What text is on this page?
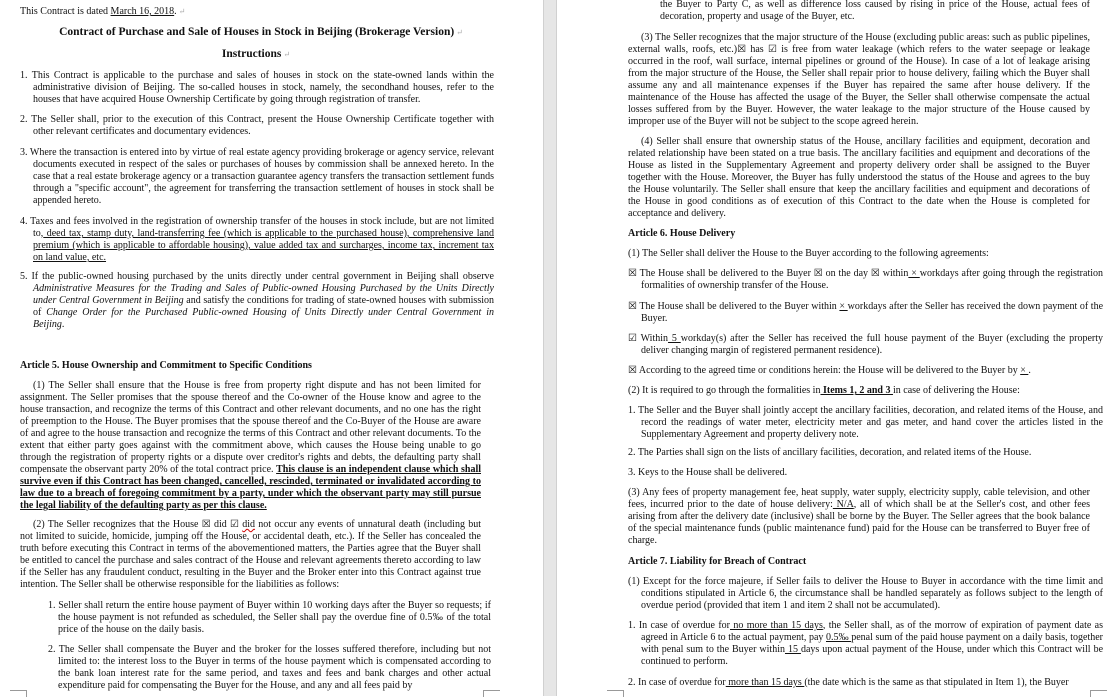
This Contract is dated March 16, 2018. ↵
Contract of Purchase and Sale of Houses in Stock in Beijing (Brokerage Version) ↵
Instructions ↵
1. This Contract is applicable to the purchase and sales of houses in stock on the state-owned lands within the administrative division of Beijing. The so-called houses in stock, namely, the secondhand houses, refer to the houses that have acquired House Ownership Certificate by going through registration of transfer.
2. The Seller shall, prior to the execution of this Contract, present the House Ownership Certificate together with other relevant certificates and documentary evidences.
3. Where the transaction is entered into by virtue of real estate agency providing brokerage or agency service, relevant documents executed in respect of the sales or purchases of houses by commission shall be annexed hereto. In the case that a real estate brokerage agency or a transaction guarantee agency transfers the transaction settlement funds through a "specific account", the agreement for transferring the transaction settlement of houses in stock shall be appended hereto.
4. Taxes and fees involved in the registration of ownership transfer of the houses in stock include, but are not limited to, deed tax, stamp duty, land-transferring fee (which is applicable to the purchased house), comprehensive land premium (which is applicable to affordable housing), value added tax and surcharges, income tax, increment tax on land value, etc.
5. If the public-owned housing purchased by the units directly under central government in Beijing shall observe Administrative Measures for the Trading and Sales of Public-owned Housing Purchased by the Units Directly under Central Government in Beijing and satisfy the conditions for trading of state-owned houses with submission of Change Order for the Purchased Public-owned Housing of Units Directly under Central Government in Beijing.
Article 5. House Ownership and Commitment to Specific Conditions
(1) The Seller shall ensure that the House is free from property right dispute and has not been limited for assignment. The Seller promises that the spouse thereof and the Co-owner of the House know and agree to the house transaction, and recognize the terms of this Contract and other relevant documents, and no one has the right of preemption to the House. The Buyer promises that the spouse thereof and the Co-Buyer of the House are aware of and agree to the house transaction and recognize the terms of this Contract and other relevant documents. To the extent that either party goes against with the commitment above, which causes the House being unable to go through the registration of property rights or a dispute over creditor's rights and debts, the defaulting party shall compensate the observant party 20% of the total contract price. This clause is an independent clause which shall survive even if this Contract has been changed, cancelled, rescinded, terminated or invalidated according to law due to a breach of foregoing commitment by a party, under which the observant party may still pursue the legal liability of the defaulting party as per this clause.
(2) The Seller recognizes that the House ☒ did ☑ did not occur any events of unnatural death (including but not limited to suicide, homicide, jumping off the House, or accidental death, etc.). If the Seller has concealed the truth before executing this Contract in terms of the abovementioned matters, the Parties agree that the Buyer shall be entitled to cancel the purchase and sales contract of the House and relevant agreements thereto according to law if the Seller has any fraudulent conduct, resulting in the Buyer and the Broker enter into this Contract against true intention. The Seller shall be otherwise responsible for the liabilities as follows:
1. Seller shall return the entire house payment of Buyer within 10 working days after the Buyer so requests; if the house payment is not refunded as scheduled, the Seller shall pay the overdue fine of 0.5‰ of the total price of the house on the daily basis.
2. The Seller shall compensate the Buyer and the broker for the losses suffered therefore, including but not limited to: the interest loss to the Buyer in terms of the house payment which is compensated according to the bank loan interest rate for the same period, and taxes and fees and bank charges and other actual expenditure paid for compensating the Buyer for the House, and any and all fees paid by
the Buyer to Party C, as well as difference loss caused by rising in price of the House, actual fees of decoration, property and usage of the Buyer, etc.
(3) The Seller recognizes that the major structure of the House (excluding public areas: such as public pipelines, external walls, roofs, etc.)☒ has ☑ is free from water leakage (which refers to the water seepage or leakage occurred in the roof, wall surface, internal pipelines or ground of the House). In case of a lot of leakage arising from the major structure of the House, the Seller shall repair prior to house delivery, failing which the Buyer shall assume any and all maintenance expenses if the Buyer has repaired the same after house delivery. If the maintenance of the House has affected the usage of the Buyer, the Seller shall otherwise compensate the actual losses suffered from by the Buyer. However, the water leakage to the major structure of the House caused by improper use of the Buyer will not be subject to the scope agreed herein.
(4) Seller shall ensure that ownership status of the House, ancillary facilities and equipment, decoration and related relationship have been stated on a true basis. The ancillary facilities and equipment and decorations of the House as listed in the Supplementary Agreement and property delivery order shall be assigned to the Buyer together with the House. Moreover, the Buyer has fully understood the status of the House and agrees to the buy the House voluntarily. The Seller shall ensure that keep the ancillary facilities and equipment and decorations of the House in good conditions as of execution of this Contract to the date when the House is completed for acceptance and delivery.
Article 6. House Delivery
(1) The Seller shall deliver the House to the Buyer according to the following agreements:
☒ The House shall be delivered to the Buyer ☒ on the day ☒ within × workdays after going through the registration formalities of ownership transfer of the House.
☒ The House shall be delivered to the Buyer within × workdays after the Seller has received the down payment of the Buyer.
☑ Within 5 workday(s) after the Seller has received the full house payment of the Buyer (excluding the property deliver changing margin of registered permanent residence).
☒ According to the agreed time or conditions herein: the House will be delivered to the Buyer by × .
(2) It is required to go through the formalities in Items 1, 2 and 3 in case of delivering the House:
1. The Seller and the Buyer shall jointly accept the ancillary facilities, decoration, and related items of the House, and record the readings of water meter, electricity meter and gas meter, and hand cover the articles listed in the Supplementary Agreement and property delivery note.
2. The Parties shall sign on the lists of ancillary facilities, decoration, and related items of the House.
3. Keys to the House shall be delivered.
(3) Any fees of property management fee, heat supply, water supply, electricity supply, cable television, and other fees, incurred prior to the date of house delivery: N/A, all of which shall be at the Seller's cost, and other fees arising from after the delivery date (inclusive) shall be borne by the Buyer. The Seller agrees that the book balance of the special maintenance funds (public maintenance fund) paid for the House can be transferred to Buyer free of charge.
Article 7. Liability for Breach of Contract
(1) Except for the force majeure, if Seller fails to deliver the House to Buyer in accordance with the time limit and conditions stipulated in Article 6, the circumstance shall be handled separately as follows subject to the length of overdue period (provided that item 1 and item 2 shall not be accumulated).
1. In case of overdue for no more than 15 days, the Seller shall, as of the morrow of expiration of payment date as agreed in Article 6 to the actual payment, pay 0.5‰ penal sum of the paid house payment on a daily basis, together with penal sum to the Buyer within 15 days upon actual payment of the House, under which this Contract will be continued to perform.
2. In case of overdue for more than 15 days (the date which is the same as that stipulated in Item 1), the Buyer
